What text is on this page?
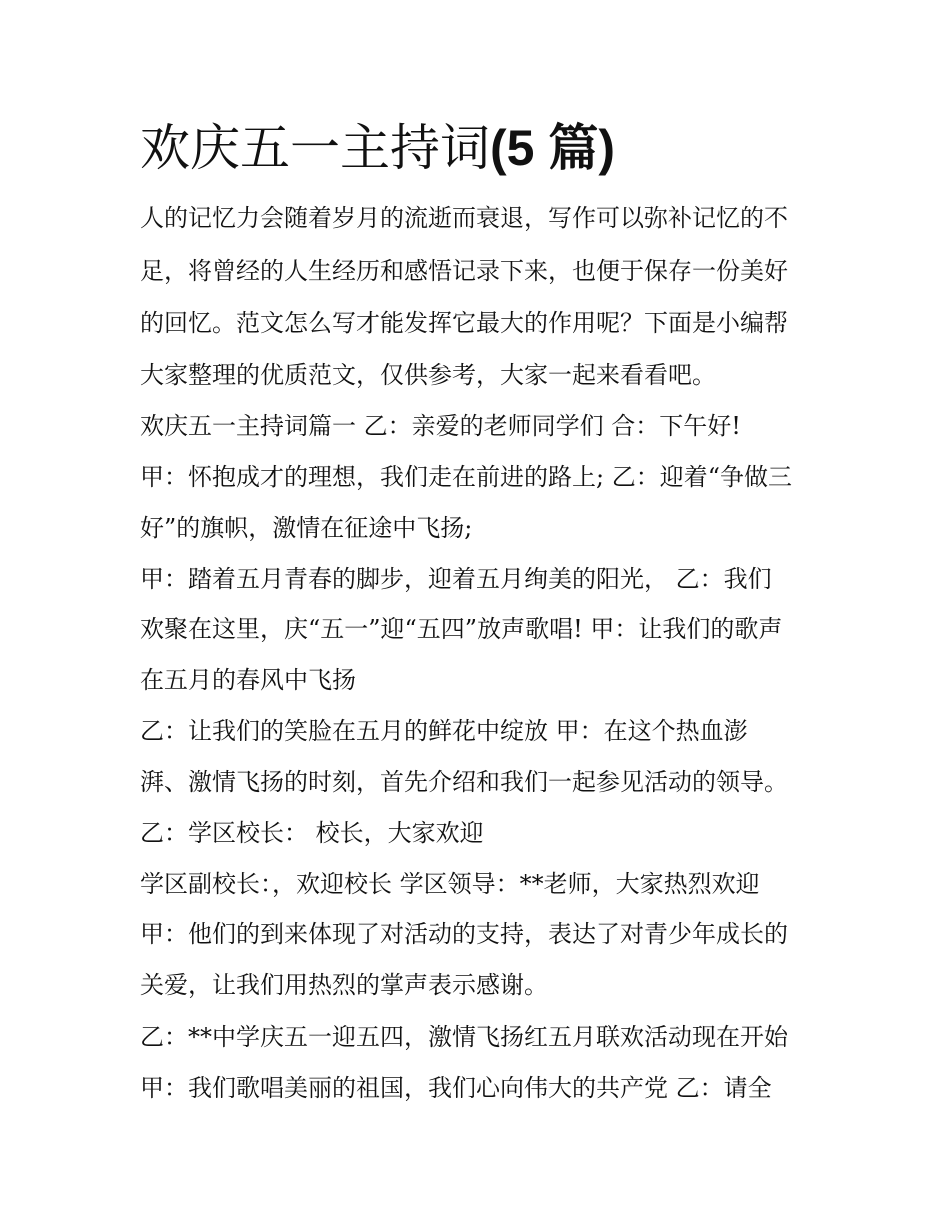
欢庆五一主持词(5 篇)

人的记忆力会随着岁月的流逝而衰退，写作可以弥补记忆的不

足，将曾经的人生经历和感悟记录下来，也便于保存一份美好

的回忆。范文怎么写才能发挥它最大的作用呢？下面是小编帮

大家整理的优质范文，仅供参考，大家一起来看看吧。

欢庆五一主持词篇一 乙：亲爱的老师同学们 合：下午好!

甲：怀抱成才的理想，我们走在前进的路上; 乙：迎着“争做三

好”的旗帜，激情在征途中飞扬;

甲：踏着五月青春的脚步，迎着五月绚美的阳光， 乙：我们

欢聚在这里，庆“五一”迎“五四”放声歌唱! 甲：让我们的歌声

在五月的春风中飞扬

乙：让我们的笑脸在五月的鲜花中绽放 甲：在这个热血澎

湃、激情飞扬的时刻，首先介绍和我们一起参见活动的领导。

乙：学区校长： 校长，大家欢迎

学区副校长：，欢迎校长 学区领导：**老师，大家热烈欢迎

甲：他们的到来体现了对活动的支持，表达了对青少年成长的

关爱，让我们用热烈的掌声表示感谢。

乙：**中学庆五一迎五四，激情飞扬红五月联欢活动现在开始

甲：我们歌唱美丽的祖国，我们心向伟大的共产党 乙：请全
